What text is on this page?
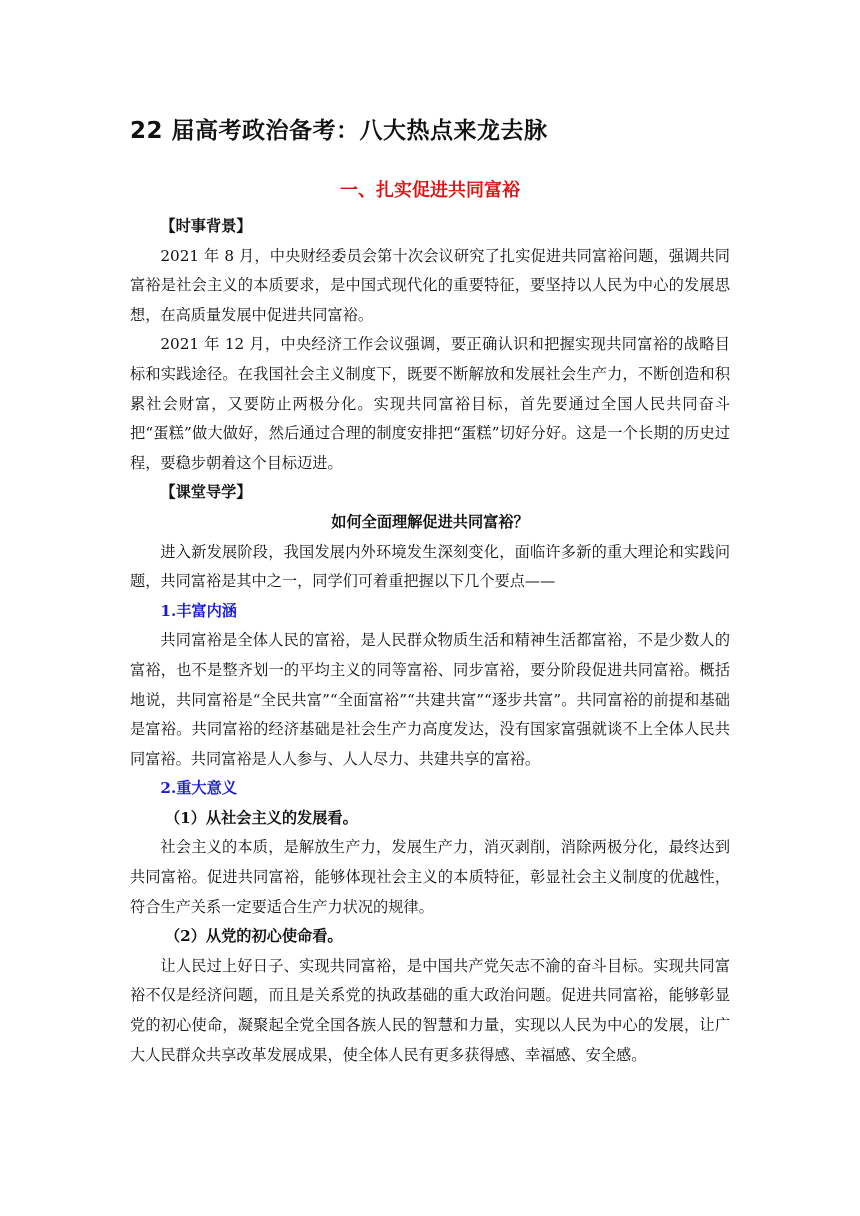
22 届高考政治备考：八大热点来龙去脉
一、扎实促进共同富裕

【时事背景】

2021 年 8 月，中央财经委员会第十次会议研究了扎实促进共同富裕问题，强调共同富裕是社会主义的本质要求，是中国式现代化的重要特征，要坚持以人民为中心的发展思想，在高质量发展中促进共同富裕。

2021 年 12 月，中央经济工作会议强调，要正确认识和把握实现共同富裕的战略目标和实践途径。在我国社会主义制度下，既要不断解放和发展社会生产力，不断创造和积累社会财富，又要防止两极分化。实现共同富裕目标，首先要通过全国人民共同奋斗把“蛋糕”做大做好，然后通过合理的制度安排把“蛋糕”切好分好。这是一个长期的历史过程，要稳步朝着这个目标迈进。

【课堂导学】

如何全面理解促进共同富裕？

进入新发展阶段，我国发展内外环境发生深刻变化，面临许多新的重大理论和实践问题，共同富裕是其中之一，同学们可着重把握以下几个要点——

1.丰富内涵

共同富裕是全体人民的富裕，是人民群众物质生活和精神生活都富裕，不是少数人的富裕，也不是整齐划一的平均主义的同等富裕、同步富裕，要分阶段促进共同富裕。概括地说，共同富裕是“全民共富”“全面富裕”“共建共富”“逐步共富”。共同富裕的前提和基础是富裕。共同富裕的经济基础是社会生产力高度发达，没有国家富强就谈不上全体人民共同富裕。共同富裕是人人参与、人人尽力、共建共享的富裕。

2.重大意义

（1）从社会主义的发展看。

社会主义的本质，是解放生产力，发展生产力，消灭剥削，消除两极分化，最终达到共同富裕。促进共同富裕，能够体现社会主义的本质特征，彰显社会主义制度的优越性，符合生产关系一定要适合生产力状况的规律。

（2）从党的初心使命看。

让人民过上好日子、实现共同富裕，是中国共产党矢志不渝的奋斗目标。实现共同富裕不仅是经济问题，而且是关系党的执政基础的重大政治问题。促进共同富裕，能够彰显党的初心使命，凝聚起全党全国各族人民的智慧和力量，实现以人民为中心的发展，让广大人民群众共享改革发展成果，使全体人民有更多获得感、幸福感、安全感。
